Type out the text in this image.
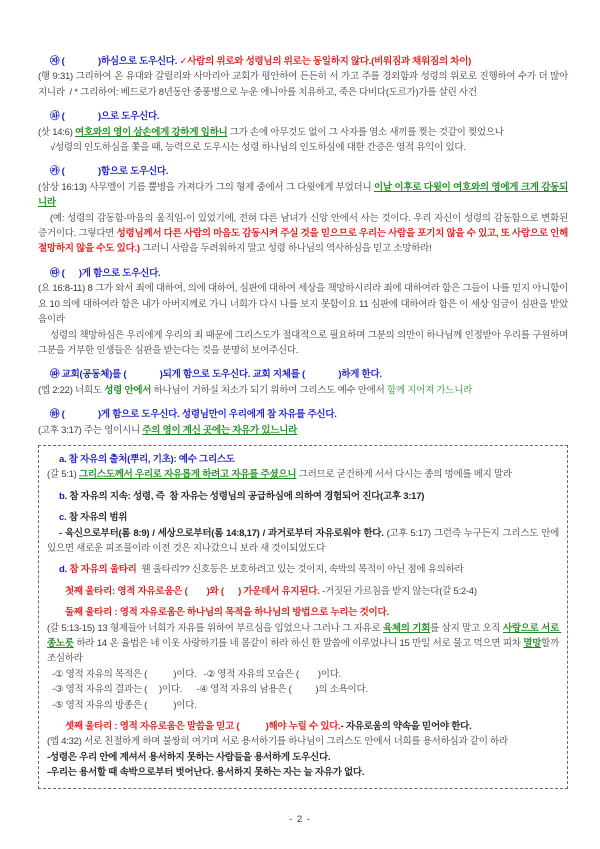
㉶ (              )하심으로 도우신다. ✓사람의 위로와 성령님의 위로는 동일하지 않다.(비워짐과 채워짐의 차이)
(행 9:31) 그리하여 온 유대와 갈릴리와 사마리아 교회가 평안하여 든든히 서 가고 주를 경외함과 성령의 위로로 진행하여 수가 더 많아지니라  / * 그리하여: 베드로가 8년동안 중풍병으로 누운 애니아를 치유하고, 죽은 다비다(도르가)가를 살린 사건
㉷ (              )으로 도우신다.
(삿 14:6) 여호와의 영이 삼손에게 강하게 임하니 그가 손에 아무것도 없이 그 사자를 염소 새끼를 찢는 것같이 찢었으나
√성령의 인도하심을 쫓을 때, 능력으로 도우시는 성령 하나님의 인도하심에 대한 간증은 영적 유익이 있다.
㉸ (              )함으로 도우신다.
(삼상 16:13) 사무엘이 기름 뿔병을 가져다가 그의 형제 중에서 그 다윗에게 부었더니 이날 이후로 다윗이 여호와의 영에게 크게 감동되니라
(예: 성령의 감동함-마음의 움직임-이 있었기에, 전혀 다른 남녀가 신앙 안에서 사는 것이다. 우리 자신이 성령의 감동함으로 변화된 증거이다. 그렇다면 성령님께서 다른 사람의 마음도 감동시켜 주실 것을 믿으므로 우리는 사람을 포기치 않을 수 있고, 또 사람으로 인해 절망하지 않을 수도 있다.) 그러니 사람을 두려워하지 말고 성령 하나님의 역사하심을 믿고 소망하라!
㉹ (      )게 함으로 도우신다.
(요 16:8-11) 8 그가 와서 죄에 대하여, 의에 대하여, 심판에 대하여 세상을 책망하시리라 죄에 대하여라 함은 그들이 나를 믿지 아니함이요 10 의에 대하여라 함은 내가 아버지께로 가니 너희가 다시 나를 보지 못함이요 11 심판에 대하여라 함은 이 세상 임금이 심판을 받았음이라
성령의 책망하심은 우리에게 우리의 죄 때문에 그리스도가 절대적으로 필요하며 그분의 의만이 하나님께 인정받아 우리를 구원하며 그분을 거부한 인생들은 심판을 받는다는 것을 분명히 보여주신다.
㉺ 교회(공동체)를 (              )되게 함으로 도우신다. 교회 지체를 (              )하게 한다.
(엡 2:22) 너희도 성령 안에서 하나님이 거하실 처소가 되기 위하여 그리스도 예수 안에서 함께 지어져 가느니라
㉻ (              )게 함으로 도우신다. 성령님만이 우리에게 참 자유를 주신다.
(고후 3:17) 주는 영이시니 주의 영이 계신 곳에는 자유가 있느니라
a. 참 자유의 출처(뿌리, 기초): 예수 그리스도
(갈 5:1) 그리스도께서 우리로 자유롭게 하려고 자유를 주셨으니 그러므로 굳건하게 서서 다시는 종의 멍에를 메지 말라
b. 참 자유의 지속: 성령, 즉  참 자유는 성령님의 공급하심에 의하여 경험되어 진다(고후 3:17)
c. 참 자유의 범위
- 육신으로부터(롬 8:9) / 세상으로부터(롬 14:8,17) / 과거로부터 자유로워야 한다. (고후 5:17) 그런즉 누구든지 그리스도 안에 있으면 새로운 피조물이라 이전 것은 지나갔으니 보라 새 것이되었도다
d. 참 자유의 울타리  웬 울타리?? 신호등은 보호하려고 있는 것이지, 속박의 목적이 아닌 점에 유의하라
첫째 울타리: 영적 자유로움은 (        )와 (      ) 가운데서 유지된다. -거짓된 가르침을 받지 않는다(갈 5:2-4)
둘째 울타리 : 영적 자유로움은 하나님의 목적을 하나님의 방법으로 누리는 것이다.
(갈 5:13-15) 13 형제들아 너희가 자유를 위하여 부르심을 입었으나 그러나 그 자유로 육체의 기회를 삼지 말고 오직 사랑으로 서로 종노릇 하라 14 온 율법은 네 이웃 사랑하기를 네 몸같이 하라 하신 한 말씀에 이루었나니 15 만일 서로 물고 먹으면 피차 멸망할까 조심하라
-① 영적 자유의 목적은 (           )이다.   -② 영적 자유의 모습은 (        )이다.
-③ 영적 자유의 결과는 (     )이다.      -④ 영적 자유의 남용은 (          )의 소욕이다.
-⑤ 영적 자유의 방종은 (           )이다.
셋째 울타리 : 영적 자유로움은 말씀을 믿고 (           )해야 누릴 수 있다.- 자유로움의 약속을 믿어야 한다.
(엡 4:32) 서로 친절하게 하며 불쌍히 여기며 서로 용서하기를 하나님이 그리스도 안에서 너희를 용서하심과 같이 하라
-성령은 우리 안에 계셔서 용서하지 못하는 사람들을 용서하게 도우신다.
-우리는 용서할 때 속박으로부터 벗어난다. 용서하지 못하는 자는 늘 자유가 없다.
- 2 -
